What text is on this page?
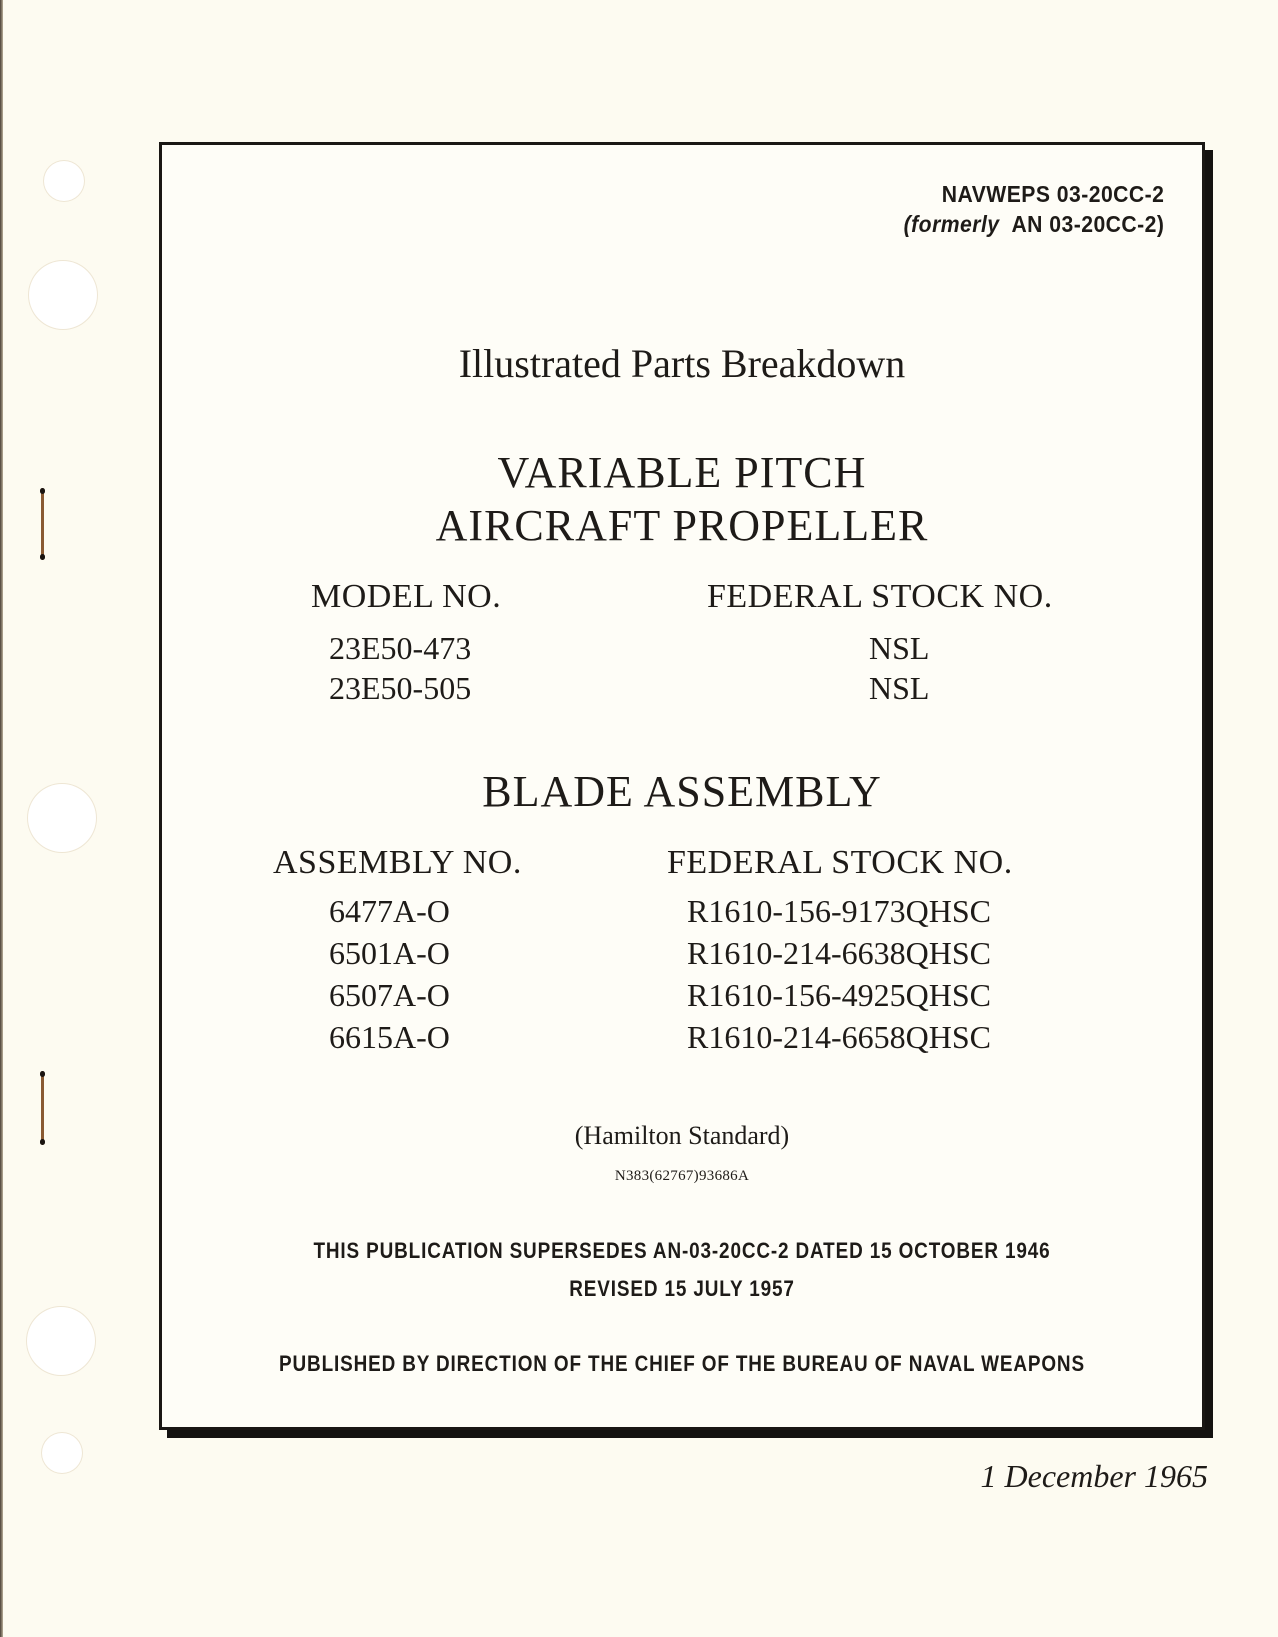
NAVWEPS 03-20CC-2
(formerly AN 03-20CC-2)
Illustrated Parts Breakdown
VARIABLE PITCH
AIRCRAFT PROPELLER
MODEL NO.	FEDERAL STOCK NO.
23E50-473	NSL
23E50-505	NSL
BLADE ASSEMBLY
ASSEMBLY NO.	FEDERAL STOCK NO.
6477A-O	R1610-156-9173QHSC
6501A-O	R1610-214-6638QHSC
6507A-O	R1610-156-4925QHSC
6615A-O	R1610-214-6658QHSC
(Hamilton Standard)
N383(62767)93686A
THIS PUBLICATION SUPERSEDES AN-03-20CC-2 DATED 15 OCTOBER 1946
REVISED 15 JULY 1957
PUBLISHED BY DIRECTION OF THE CHIEF OF THE BUREAU OF NAVAL WEAPONS
1 December 1965
